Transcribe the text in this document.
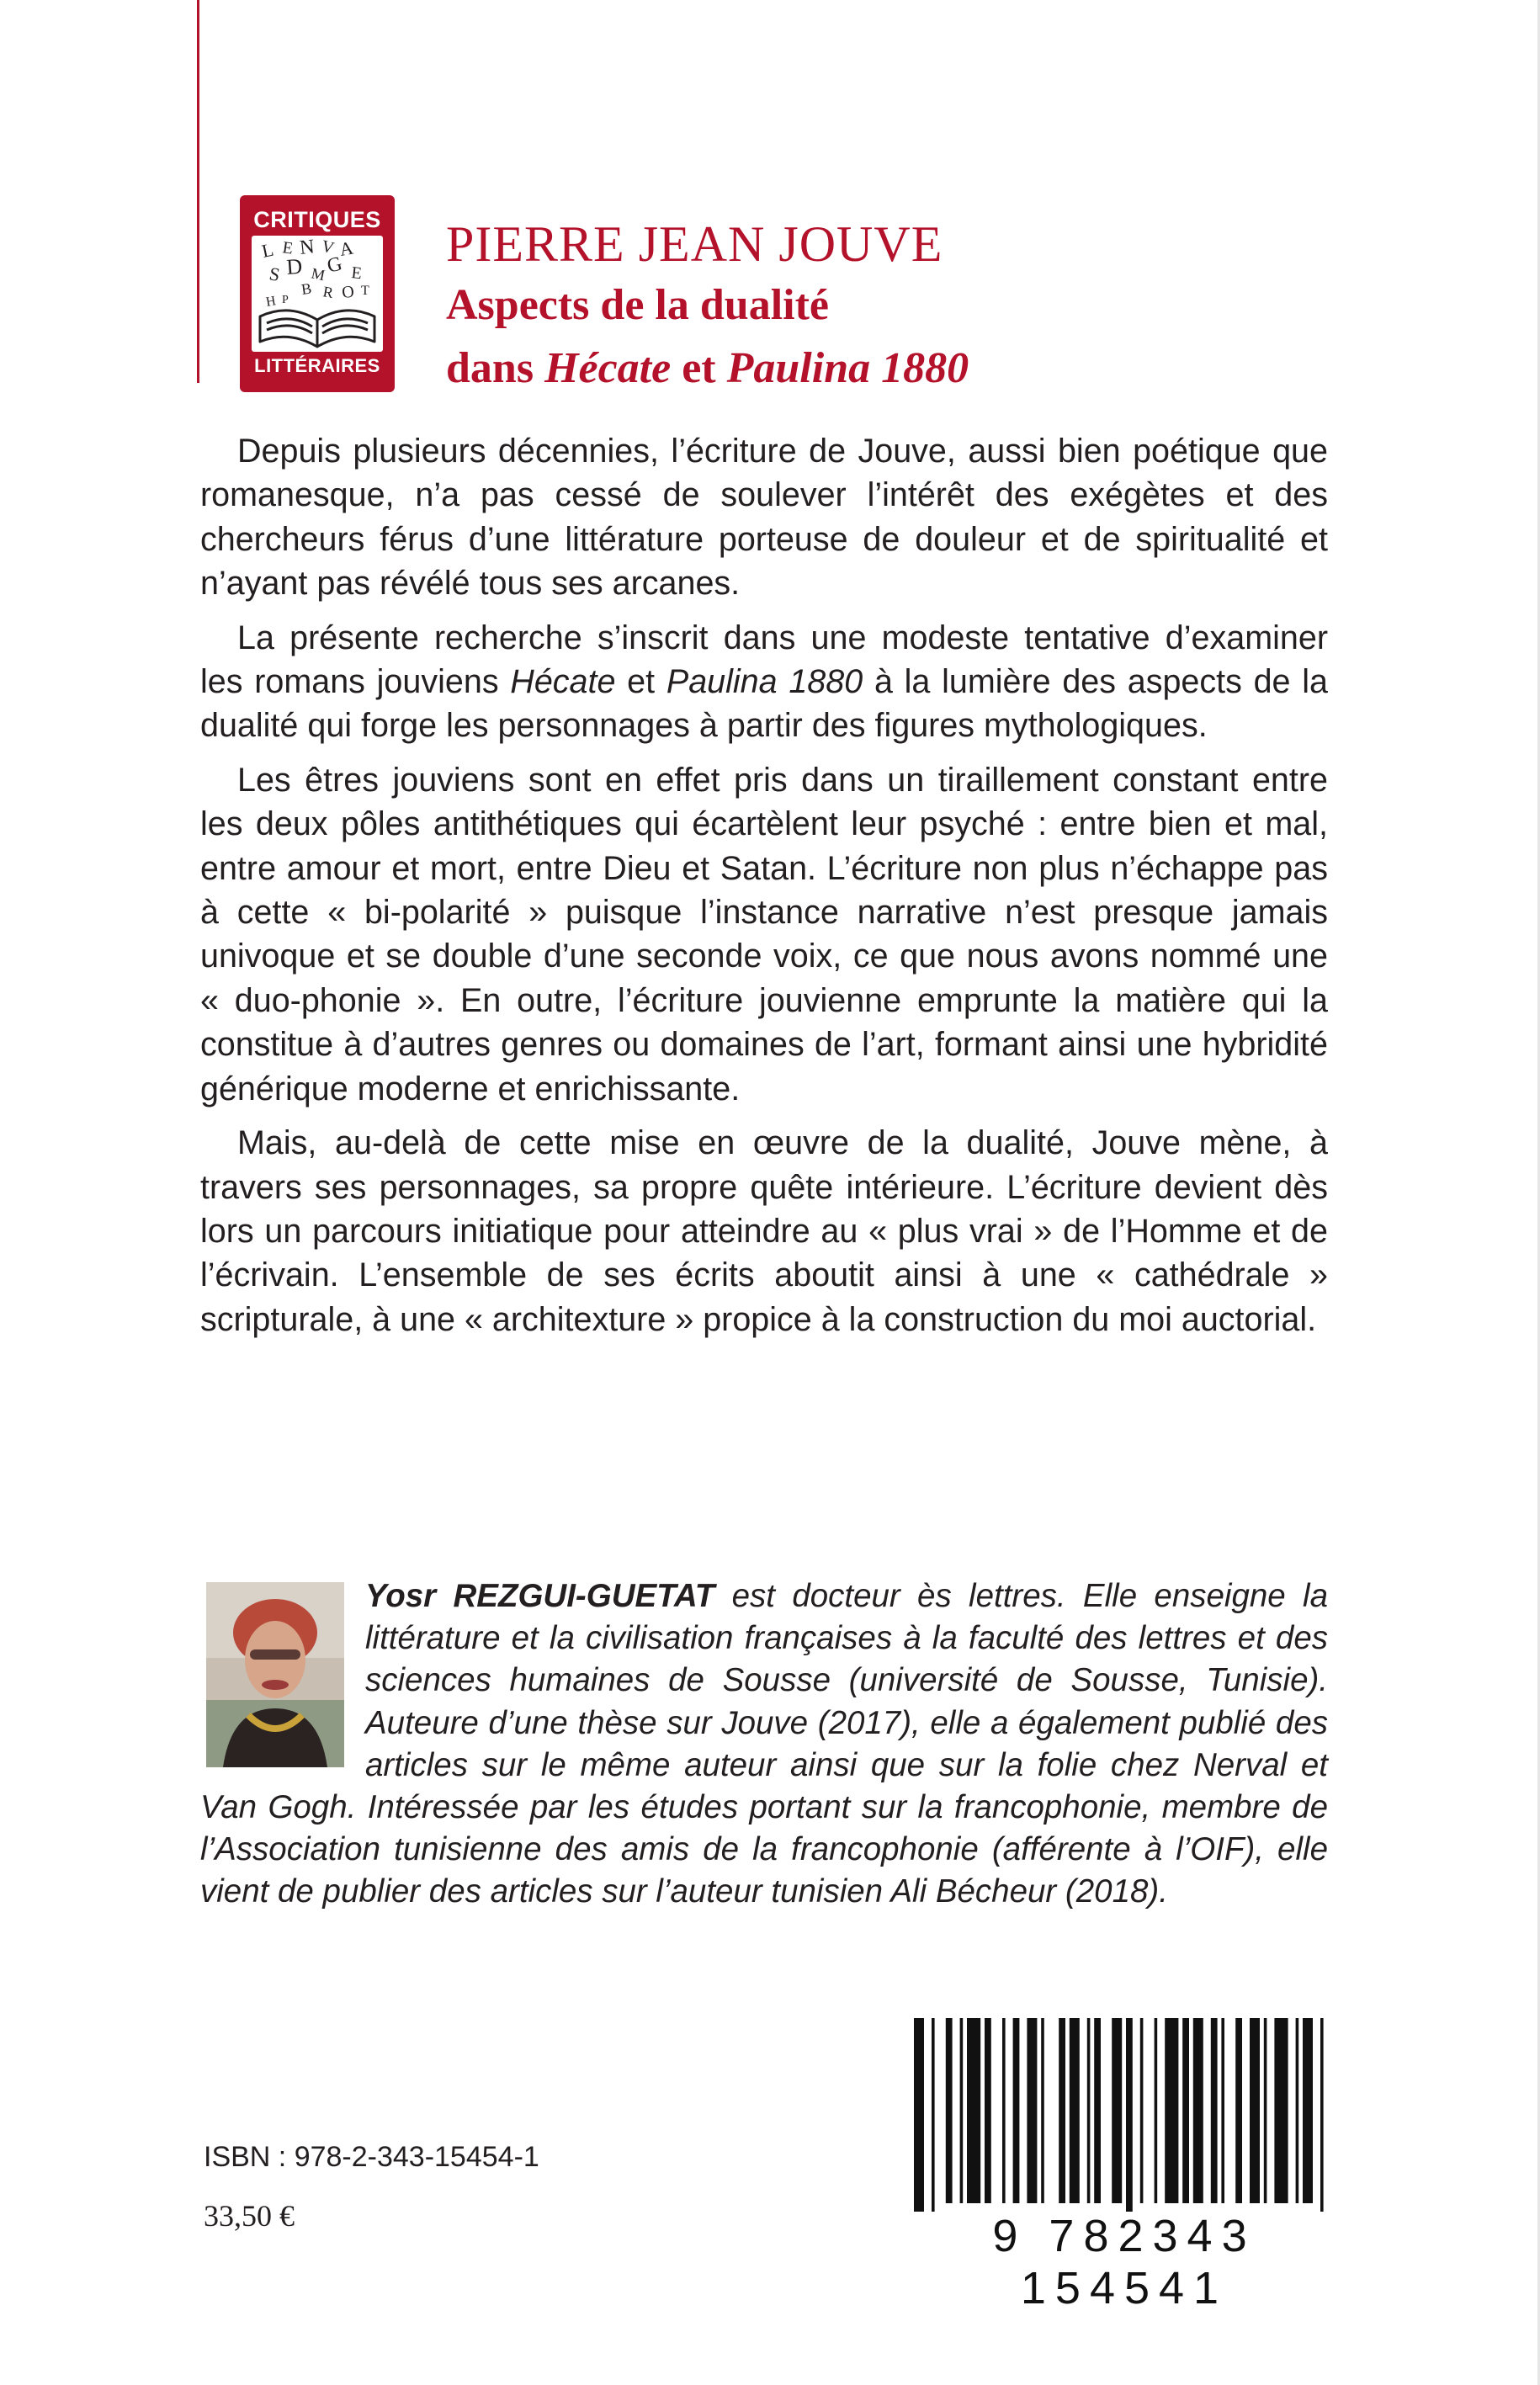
CRITIQUES
L E N V A
S D M
G E
B R O T
H P
LITTÉRAIRES
PIERRE JEAN JOUVE
Aspects de la dualité
dans Hécate et Paulina 1880

Depuis plusieurs décennies, l’écriture de Jouve, aussi bien poétique que romanesque, n’a pas cessé de soulever l’intérêt des exégètes et des chercheurs férus d’une littérature porteuse de douleur et de spiritualité et n’ayant pas révélé tous ses arcanes.

La présente recherche s’inscrit dans une modeste tentative d’examiner les romans jouviens Hécate et Paulina 1880 à la lumière des aspects de la dualité qui forge les personnages à partir des figures mythologiques.

Les êtres jouviens sont en effet pris dans un tiraillement constant entre les deux pôles antithétiques qui écartèlent leur psyché : entre bien et mal, entre amour et mort, entre Dieu et Satan. L’écriture non plus n’échappe pas à cette « bi-polarité » puisque l’instance narrative n’est presque jamais univoque et se double d’une seconde voix, ce que nous avons nommé une « duo-phonie ». En outre, l’écriture jouvienne emprunte la matière qui la constitue à d’autres genres ou domaines de l’art, formant ainsi une hybridité générique moderne et enrichissante.

Mais, au-delà de cette mise en œuvre de la dualité, Jouve mène, à travers ses personnages, sa propre quête intérieure. L’écriture devient dès lors un parcours initiatique pour atteindre au « plus vrai » de l’Homme et de l’écrivain. L’ensemble de ses écrits aboutit ainsi à une « cathédrale » scripturale, à une « architexture » propice à la construction du moi auctorial.

Yosr REZGUI-GUETAT est docteur ès lettres. Elle enseigne la littérature et la civilisation françaises à la faculté des lettres et des sciences humaines de Sousse (université de Sousse, Tunisie). Auteure d’une thèse sur Jouve (2017), elle a également publié des articles sur le même auteur ainsi que sur la folie chez Nerval et Van Gogh. Intéressée par les études portant sur la francophonie, membre de l’Association tunisienne des amis de la francophonie (afférente à l’OIF), elle vient de publier des articles sur l’auteur tunisien Ali Bécheur (2018).
ISBN : 978-2-343-15454-1
33,50 €	9 782343 154541
